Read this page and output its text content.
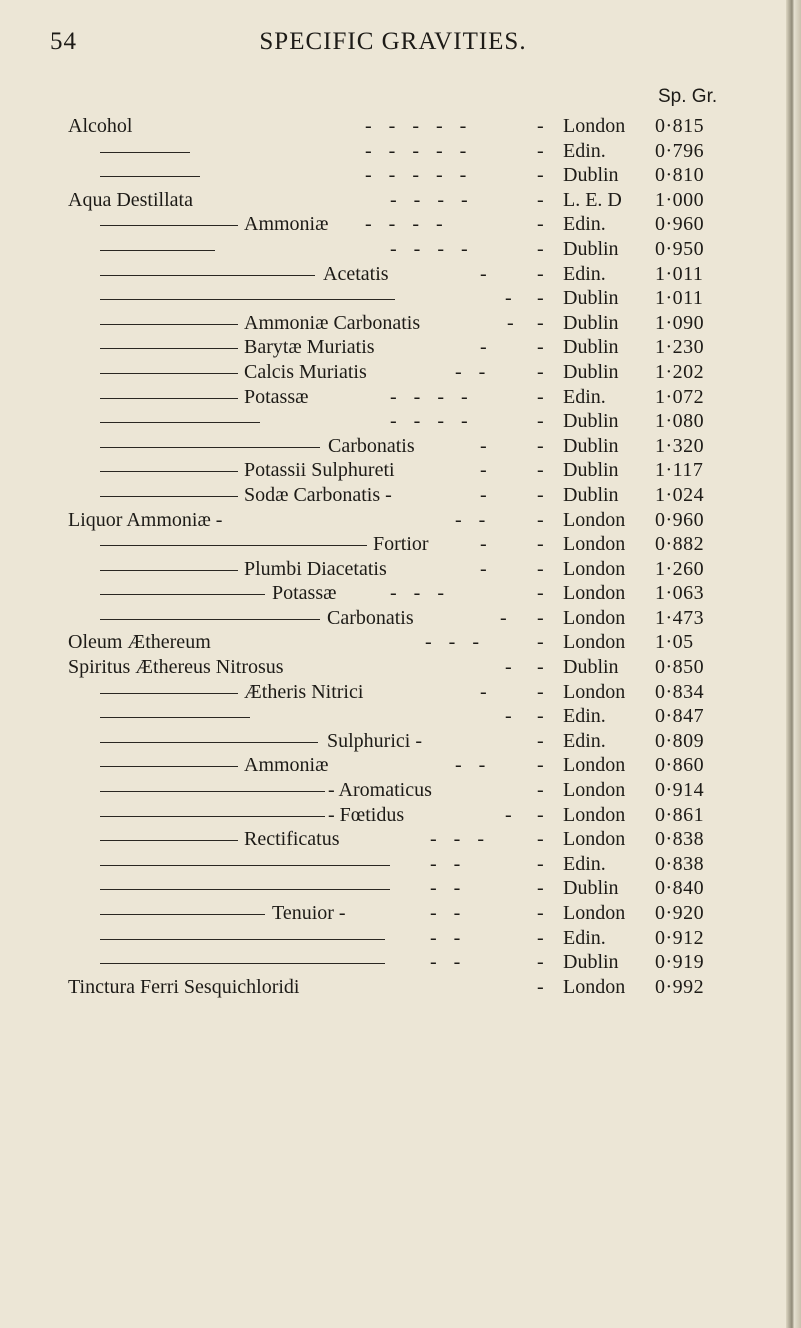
54	SPECIFIC GRAVITIES.
Sp. Gr.
Alcohol	- - - - -	- London 0·815
- - - - -	- Edin. 0·796
- - - - -	- Dublin 0·810
Aqua Destillata	- - - -	- L. E. D 1·000
Ammoniæ - - - -	- Edin. 0·960
- - - -	- Dublin 0·950
Acetatis	-	- Edin. 1·011
- - Dublin 1·011
Ammoniæ Carbonatis	- - Dublin 1·090
Barytæ Muriatis	-	- Dublin 1·230
Calcis Muriatis	- -	- Dublin 1·202
Potassæ	- - - -	- Edin. 1·072
- - - -	- Dublin 1·080
Carbonatis	-	- Dublin 1·320
Potassii Sulphureti	-	- Dublin 1·117
Sodæ Carbonatis -	-	- Dublin 1·024
Liquor Ammoniæ -	- -	- London 0·960
Fortior	-	- London 0·882
Plumbi Diacetatis	-	- London 1·260
Potassæ	- - -	- London 1·063
Carbonatis	- - London 1·473
Oleum Æthereum	- - -	- London 1·05
Spiritus Æthereus Nitrosus	- - Dublin 0·850
Ætheris Nitrici	-	- London 0·834
- - Edin. 0·847
Sulphurici -	- Edin. 0·809
Ammoniæ	- -	- London 0·860
- Aromaticus	- London 0·914
- Fœtidus	- - London 0·861
Rectificatus	- - -	- London 0·838
- -	- Edin. 0·838
- -	- Dublin 0·840
Tenuior -	- -	- London 0·920
- -	- Edin. 0·912
- -	- Dublin 0·919
Tinctura Ferri Sesquichloridi	- London 0·992
